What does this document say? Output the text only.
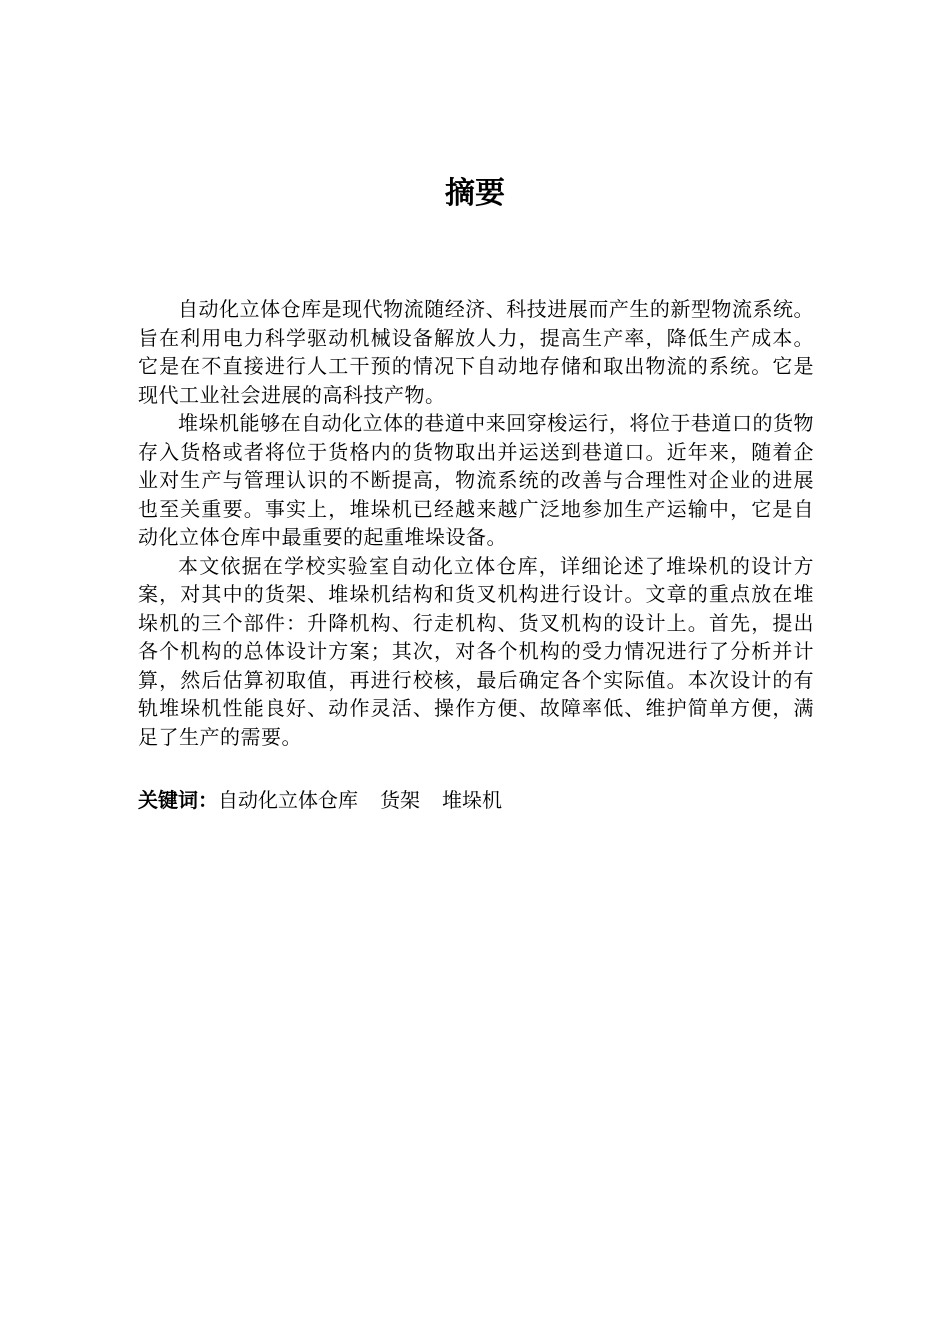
摘要

自动化立体仓库是现代物流随经济、科技进展而产生的新型物流系统。旨在利用电力科学驱动机械设备解放人力，提高生产率，降低生产成本。它是在不直接进行人工干预的情况下自动地存储和取出物流的系统。它是现代工业社会进展的高科技产物。

堆垛机能够在自动化立体的巷道中来回穿梭运行，将位于巷道口的货物存入货格或者将位于货格内的货物取出并运送到巷道口。近年来，随着企业对生产与管理认识的不断提高，物流系统的改善与合理性对企业的进展也至关重要。事实上，堆垛机已经越来越广泛地参加生产运输中，它是自动化立体仓库中最重要的起重堆垛设备。

本文依据在学校实验室自动化立体仓库，详细论述了堆垛机的设计方案，对其中的货架、堆垛机结构和货叉机构进行设计。文章的重点放在堆垛机的三个部件：升降机构、行走机构、货叉机构的设计上。首先，提出各个机构的总体设计方案；其次，对各个机构的受力情况进行了分析并计算，然后估算初取值，再进行校核，最后确定各个实际值。本次设计的有轨堆垛机性能良好、动作灵活、操作方便、故障率低、维护简单方便，满足了生产的需要。

关键词：自动化立体仓库 货架 堆垛机
